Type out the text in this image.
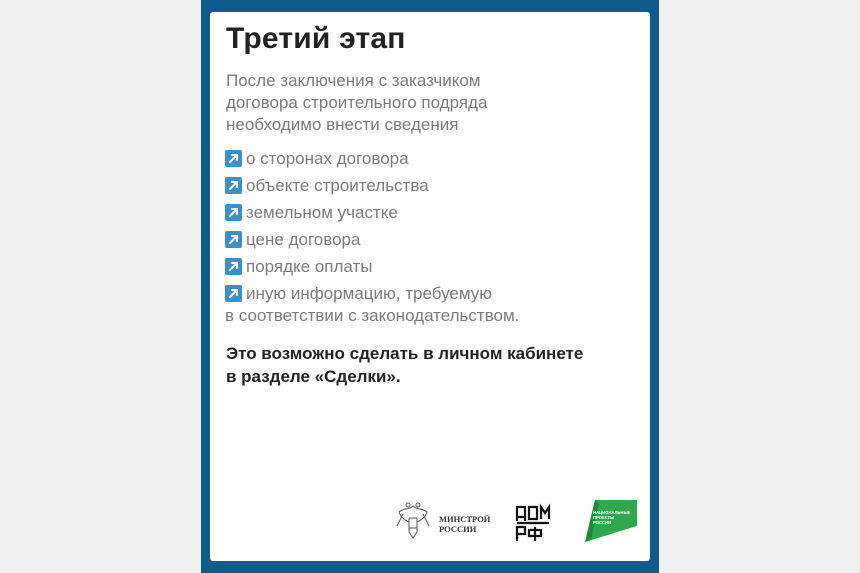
Третий этап
После заключения с заказчиком
договора строительного подряда
необходимо внести сведения
о сторонах договора
объекте строительства
земельном участке
цене договора
порядке оплаты
иную информацию, требуемую
в соответствии с законодательством.
Это возможно сделать в личном кабинете
в разделе «Сделки».
МИНСТРОЙ
РОССИИ
НАЦИОНАЛЬНЫЕ
ПРОЕКТЫ
РОССИИ
